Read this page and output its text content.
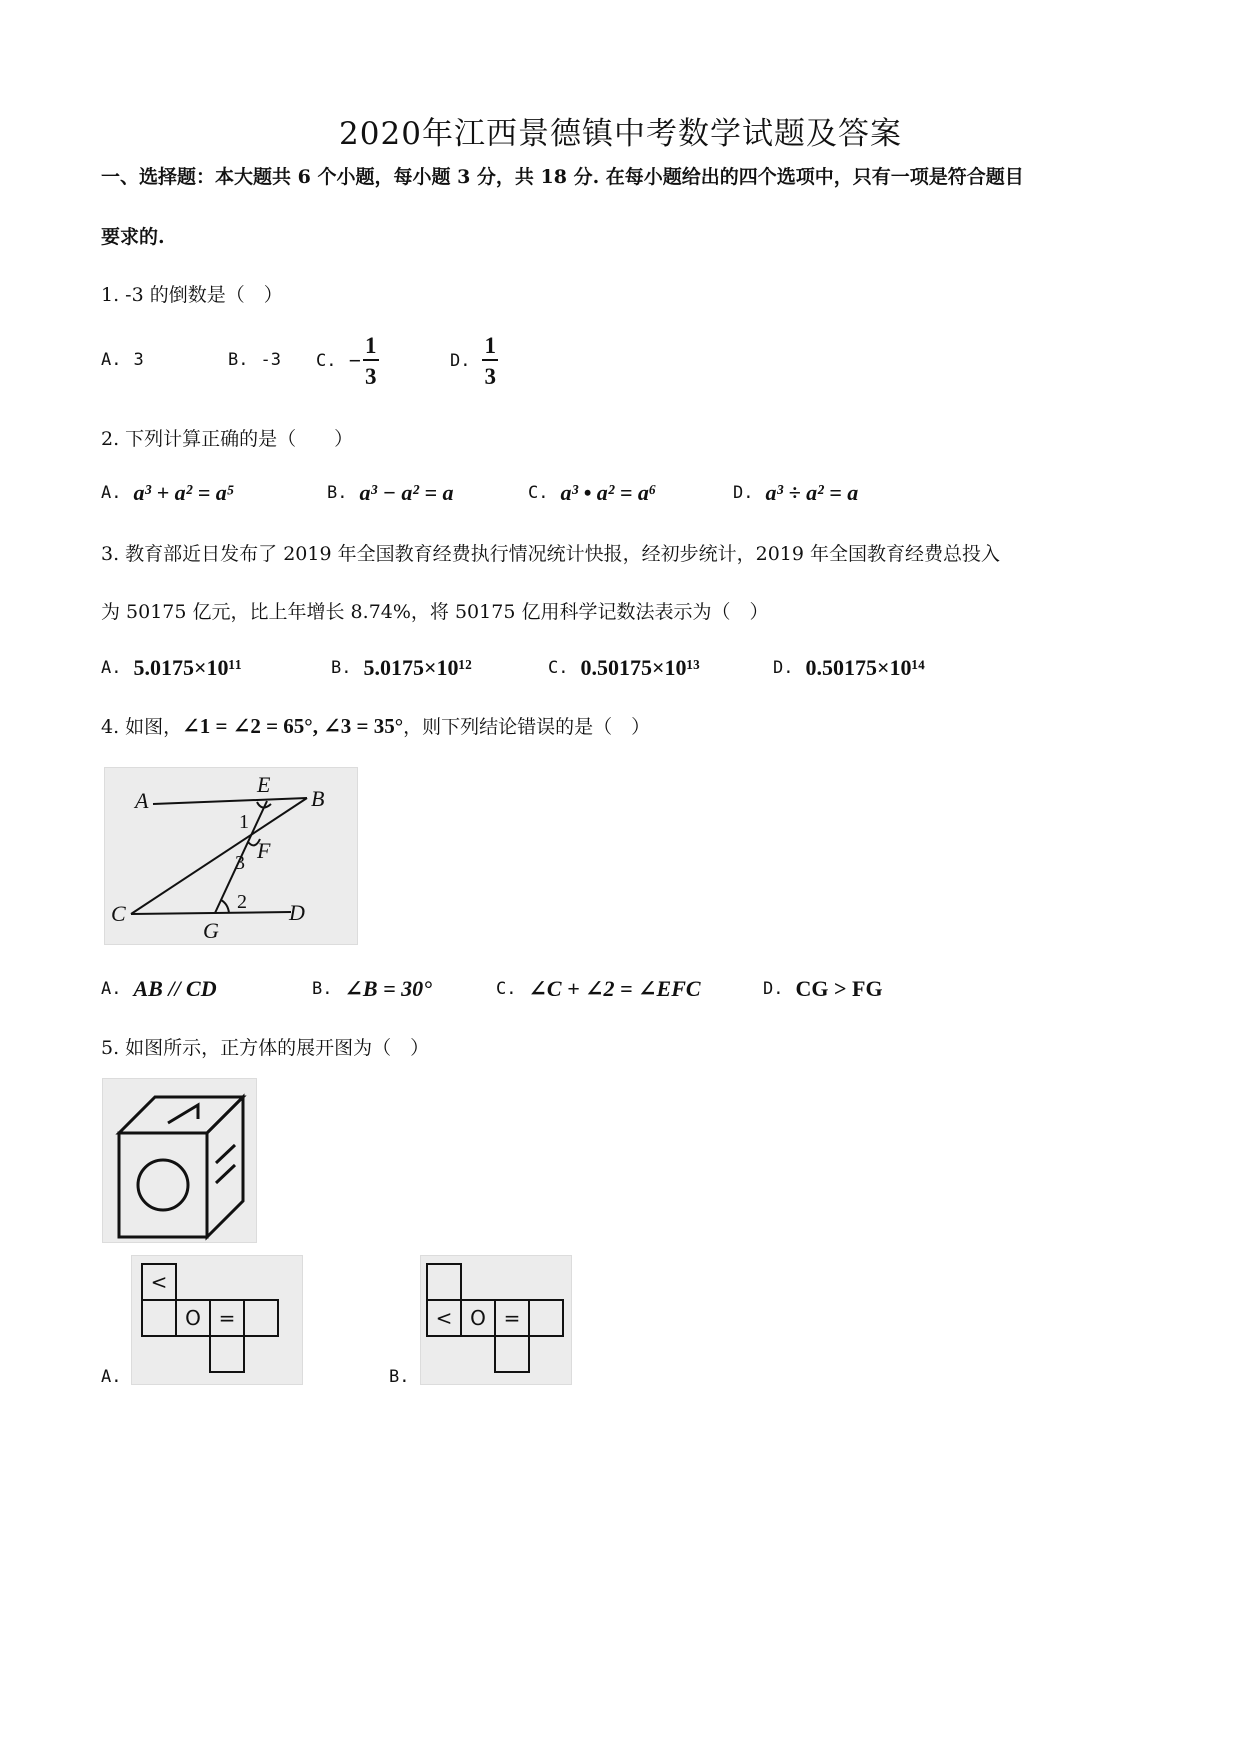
2020年江西景德镇中考数学试题及答案
一、选择题：本大题共 6 个小题，每小题 3 分，共 18 分. 在每小题给出的四个选项中，只有一项是符合题目
要求的.
1. -3 的倒数是（　）
A. 3	B. -3 C. − $\frac{1}{3}$	D. $\frac{1}{3}$
2. 下列计算正确的是（　　）
A. a³ + a² = a⁵	B. a³ − a² = a	C. a³ • a² = a⁶	D. a³ ÷ a² = a
3. 教育部近日发布了 2019 年全国教育经费执行情况统计快报，经初步统计，2019 年全国教育经费总投入
为 50175 亿元，比上年增长 8.74%，将 50175 亿用科学记数法表示为（　）
A. 5.0175×10¹¹	B. 5.0175×10¹²	C. 0.50175×10¹³	D. 0.50175×10¹⁴
4. 如图， ∠1 = ∠2 = 65°, ∠3 = 35° ，则下列结论错误的是（　）
A	B
C	D
E
F
G
1
3
2
A. AB // CD	B. ∠B = 30°	C. ∠C + ∠2 = ∠EFC	D. CG > FG
5. 如图所示，正方体的展开图为（　）
<
O =
A.
< O =
B.
